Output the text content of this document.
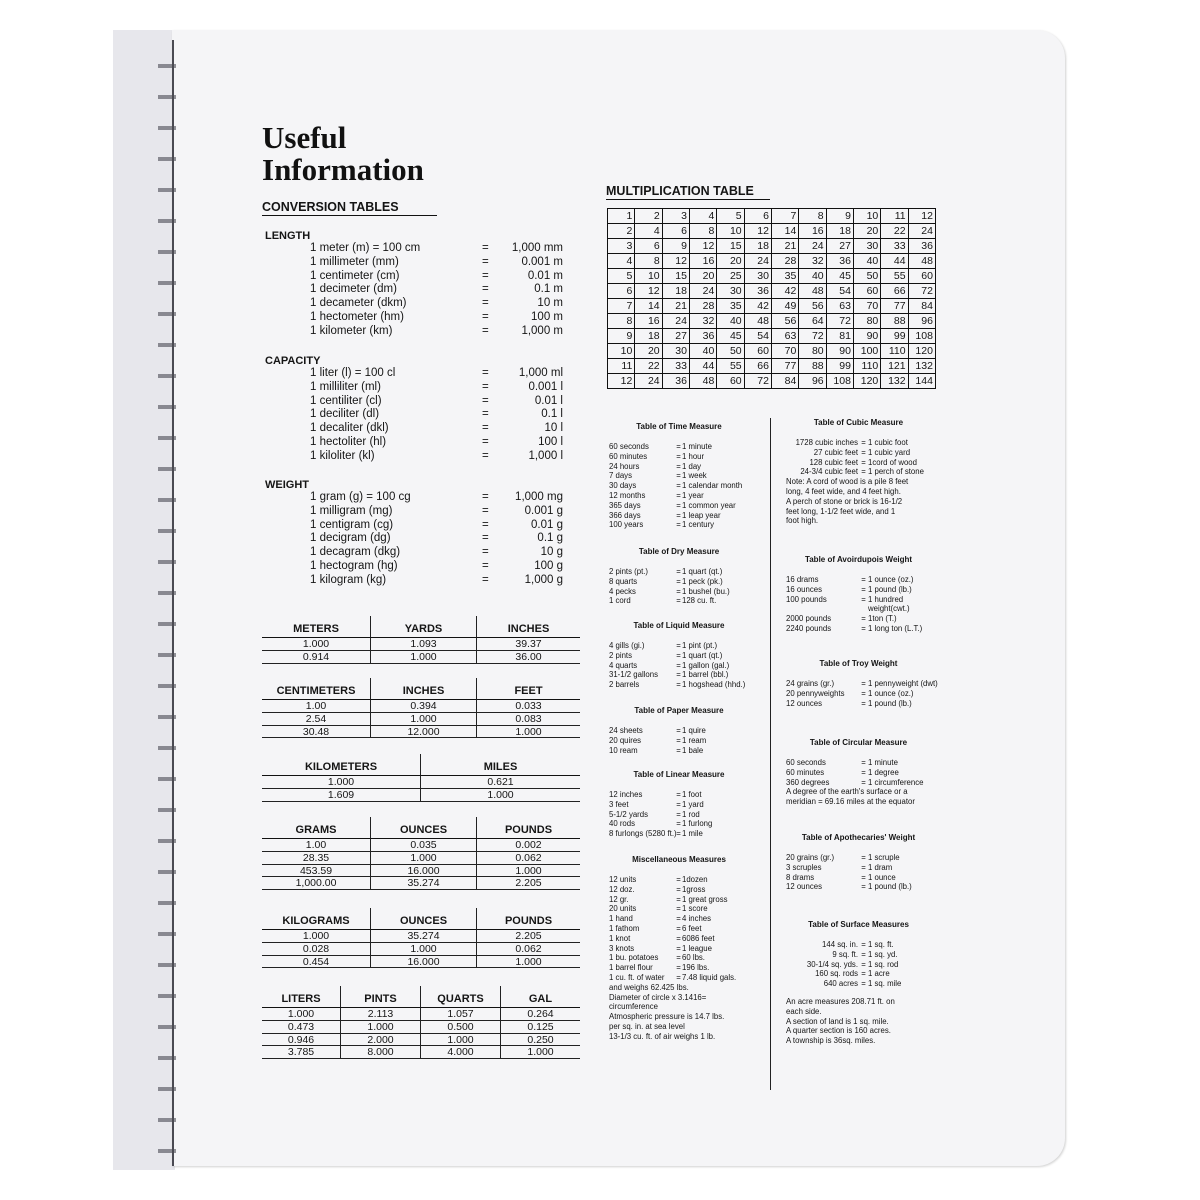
Useful
Information
CONVERSION TABLES
MULTIPLICATION TABLE
1	2	3	4	5	6	7	8	9	10	11	12
2	4	6	8	10	12	14	16	18	20	22	24
3	6	9	12	15	18	21	24	27	30	33	36
4	8	12	16	20	24	28	32	36	40	44	48
5	10	15	20	25	30	35	40	45	50	55	60
6	12	18	24	30	36	42	48	54	60	66	72
7	14	21	28	35	42	49	56	63	70	77	84
8	16	24	32	40	48	56	64	72	80	88	96
9	18	27	36	45	54	63	72	81	90	99 108
10	20	30	40	50	60	70	80	90 100	110 120
11	22	33	44	55	66	77	88	99	110 121 132
12	24	36	48	60	72	84	96 108 120 132 144
LENGTH
1 meter (m) = 100 cm	=	1,000 mm
1 millimeter (mm)	=	0.001 m
1 centimeter (cm)	=	0.01 m
1 decimeter (dm)	=	0.1 m
1 decameter (dkm)	=	10 m
1 hectometer (hm)	=	100 m
1 kilometer (km)	=	1,000 m
CAPACITY
1 liter (l) = 100 cl	=	1,000 ml
1 milliliter (ml)	=	0.001 l
1 centiliter (cl)	=	0.01 l
1 deciliter (dl)	=	0.1 l
1 decaliter (dkl)	=	10 l
1 hectoliter (hl)	=	100 l
1 kiloliter (kl)	=	1,000 l
WEIGHT
1 gram (g) = 100 cg	=	1,000 mg
1 milligram (mg)	=	0.001 g
1 centigram (cg)	=	0.01 g
1 decigram (dg)	=	0.1 g
1 decagram (dkg)	=	10 g
1 hectogram (hg)	=	100 g
1 kilogram (kg)	=	1,000 g
METERS	YARDS	INCHES
1.000	1.093	39.37
0.914	1.000	36.00
CENTIMETERS	INCHES	FEET
1.00	0.394	0.033
2.54	1.000	0.083
30.48	12.000	1.000
KILOMETERS	MILES
1.000	0.621
1.609	1.000
GRAMS	OUNCES	POUNDS
1.00	0.035	0.002
28.35	1.000	0.062
453.59	16.000	1.000
1,000.00	35.274	2.205
KILOGRAMS	OUNCES	POUNDS
1.000	35.274	2.205
0.028	1.000	0.062
0.454	16.000	1.000
LITERS	PINTS	QUARTS	GAL
1.000	2.113	1.057	0.264
0.473	1.000	0.500	0.125
0.946	2.000	1.000	0.250
3.785	8.000	4.000	1.000
Table of Time Measure
60 seconds	= 1 minute
60 minutes	= 1 hour
24 hours	= 1 day
7 days	= 1 week
30 days	= 1 calendar month
12 months	= 1 year
365 days	= 1 common year
366 days	= 1 leap year
100 years	= 1 century
Table of Dry Measure
2 pints (pt.)	= 1 quart (qt.)
8 quarts	= 1 peck (pk.)
4 pecks	= 1 bushel (bu.)
1 cord	= 128 cu. ft.
Table of Liquid Measure
4 gills (gi.)	= 1 pint (pt.)
2 pints	= 1 quart (qt.)
4 quarts	= 1 gallon (gal.)
31-1/2 gallons	= 1 barrel (bbl.)
2 barrels	= 1 hogshead (hhd.)
Table of Paper Measure
24 sheets	= 1 quire
20 quires	= 1 ream
10 ream	= 1 bale
Table of Linear Measure
12 inches	= 1 foot
3 feet	= 1 yard
5-1/2 yards	= 1 rod
40 rods	= 1 furlong
8 furlongs (5280 ft.) = 1 mile
Miscellaneous Measures
12 units	= 1dozen
12 doz.	= 1gross
12 gr.	= 1 great gross
20 units	= 1 score
1 hand	= 4 inches
1 fathom	= 6 feet
1 knot	= 6086 feet
3 knots	= 1 league
1 bu. potatoes	= 60 lbs.
1 barrel flour	= 196 lbs.
1 cu. ft. of water	= 7.48 liquid gals.
and weighs 62.425 lbs.
Diameter of circle x 3.1416=
circumference
Atmospheric pressure is 14.7 lbs.
per sq. in. at sea level
13-1/3 cu. ft. of air weighs 1 lb.
Table of Cubic Measure
1728 cubic inches = 1 cubic foot
27 cubic feet = 1 cubic yard
128 cubic feet = 1cord of wood
24-3/4 cubic feet = 1 perch of stone
Note: A cord of wood is a pile 8 feet
long, 4 feet wide, and 4 feet high.
A perch of stone or brick is 16-1/2
feet long, 1-1/2 feet wide, and 1
foot high.
Table of Avoirdupois Weight
16 drams	= 1 ounce (oz.)
16 ounces	= 1 pound (lb.)
100 pounds	= 1 hundred
weight(cwt.)
2000 pounds	= 1ton (T.)
2240 pounds	= 1 long ton (L.T.)
Table of Troy Weight
24 grains (gr.)	= 1 pennyweight (dwt)
20 pennyweights	= 1 ounce (oz.)
12 ounces	= 1 pound (lb.)
Table of Circular Measure
60 seconds	= 1 minute
60 minutes	= 1 degree
360 degrees	= 1 circumference
A degree of the earth's surface or a
meridian = 69.16 miles at the equator
Table of Apothecaries' Weight
20 grains (gr.)	= 1 scruple
3 scruples	= 1 dram
8 drams	= 1 ounce
12 ounces	= 1 pound (lb.)
Table of Surface Measures
144 sq. in. = 1 sq. ft.
9 sq. ft. = 1 sq. yd.
30-1/4 sq. yds. = 1 sq. rod
160 sq. rods = 1 acre
640 acres = 1 sq. mile
An acre measures 208.71 ft. on
each side.
A section of land is 1 sq. mile.
A quarter section is 160 acres.
A township is 36sq. miles.
